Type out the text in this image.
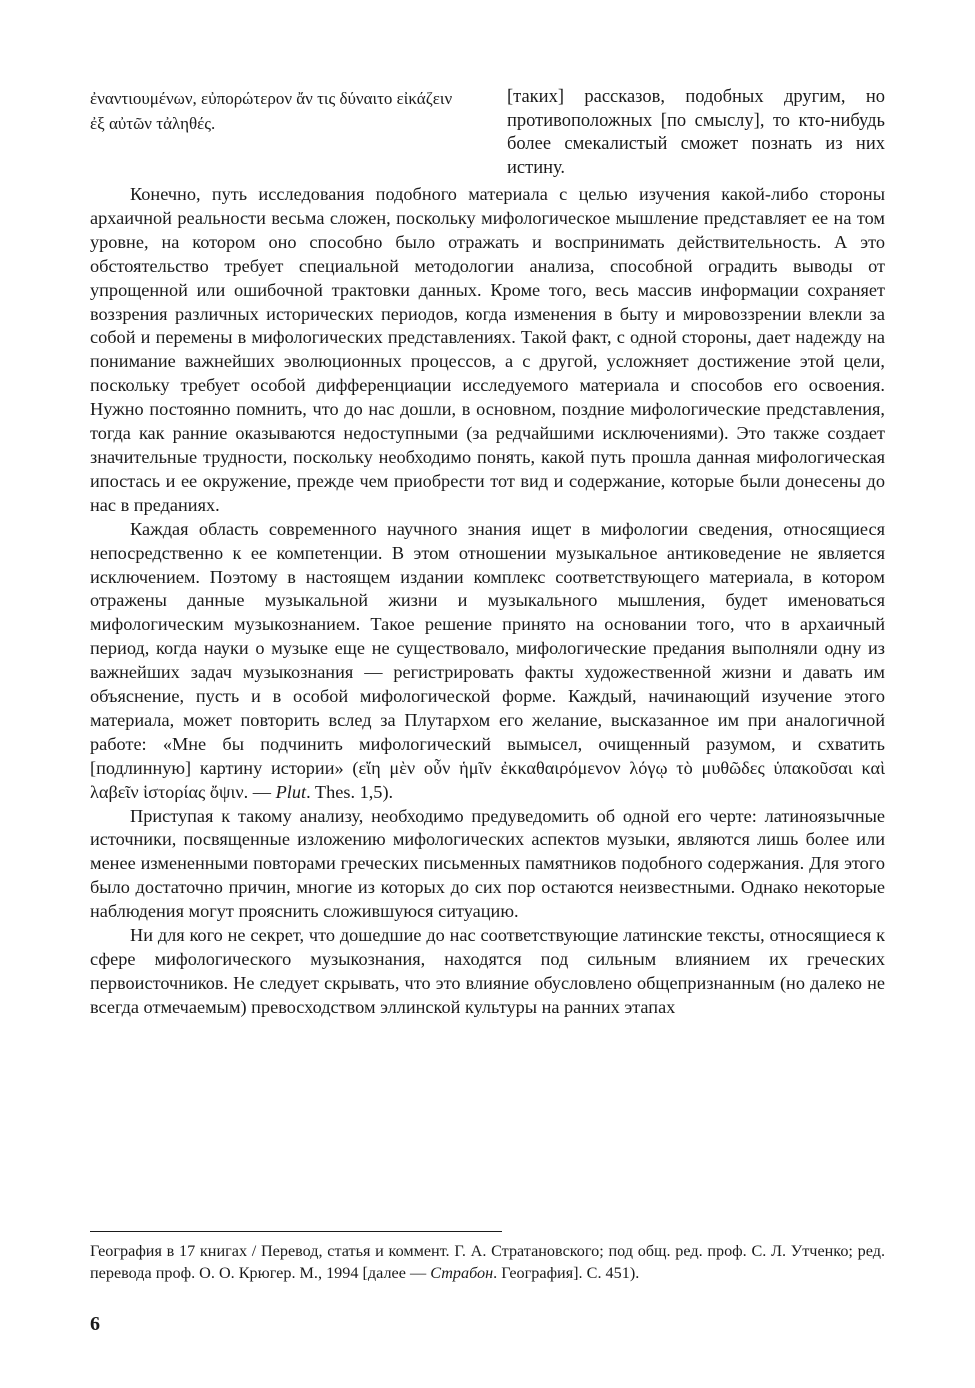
ἐναντιουμένων, εὐπορώτερον ἄν τις δύναιτο εἰκάζειν ἐξ αὐτῶν τἀληθές.
[таких] рассказов, подобных другим, но противоположных [по смыслу], то кто-нибудь более смекалистый сможет познать из них истину.

Конечно, путь исследования подобного материала с целью изучения какой-либо стороны архаичной реальности весьма сложен, поскольку мифологическое мышление представляет ее на том уровне, на котором оно способно было отражать и воспринимать действительность. А это обстоятельство требует специальной методологии анализа, способной оградить выводы от упрощенной или ошибочной трактовки данных. Кроме того, весь массив информации сохраняет воззрения различных исторических периодов, когда изменения в быту и мировоззрении влекли за собой и перемены в мифологических представлениях. Такой факт, с одной стороны, дает надежду на понимание важнейших эволюционных процессов, а с другой, усложняет достижение этой цели, поскольку требует особой дифференциации исследуемого материала и способов его освоения. Нужно постоянно помнить, что до нас дошли, в основном, поздние мифологические представления, тогда как ранние оказываются недоступными (за редчайшими исключениями). Это также создает значительные трудности, поскольку необходимо понять, какой путь прошла данная мифологическая ипостась и ее окружение, прежде чем приобрести тот вид и содержание, которые были донесены до нас в преданиях.

Каждая область современного научного знания ищет в мифологии сведения, относящиеся непосредственно к ее компетенции. В этом отношении музыкальное антиковедение не является исключением. Поэтому в настоящем издании комплекс соответствующего материала, в котором отражены данные музыкальной жизни и музыкального мышления, будет именоваться мифологическим музыкознанием. Такое решение принято на основании того, что в архаичный период, когда науки о музыке еще не существовало, мифологические предания выполняли одну из важнейших задач музыкознания — регистрировать факты художественной жизни и давать им объяснение, пусть и в особой мифологической форме. Каждый, начинающий изучение этого материала, может повторить вслед за Плутархом его желание, высказанное им при аналогичной работе: «Мне бы подчинить мифологический вымысел, очищенный разумом, и схватить [подлинную] картину истории» (εἴη μὲν οὖν ἡμῖν ἐκκαθαιρόμενον λόγῳ τὸ μυθῶδες ὑπακοῦσαι καὶ λαβεῖν ἱστορίας ὄψιν. — Plut. Thes. 1,5).

Приступая к такому анализу, необходимо предуведомить об одной его черте: латиноязычные источники, посвященные изложению мифологических аспектов музыки, являются лишь более или менее измененными повторами греческих письменных памятников подобного содержания. Для этого было достаточно причин, многие из которых до сих пор остаются неизвестными. Однако некоторые наблюдения могут прояснить сложившуюся ситуацию.

Ни для кого не секрет, что дошедшие до нас соответствующие латинские тексты, относящиеся к сфере мифологического музыкознания, находятся под сильным влиянием их греческих первоисточников. Не следует скрывать, что это влияние обусловлено общепризнанным (но далеко не всегда отмечаемым) превосходством эллинской культуры на ранних этапах

География в 17 книгах / Перевод, статья и коммент. Г. А. Стратановского; под общ. ред. проф. С. Л. Утченко; ред. перевода проф. О. О. Крюгер. М., 1994 [далее — Страбон. География]. С. 451).

6
